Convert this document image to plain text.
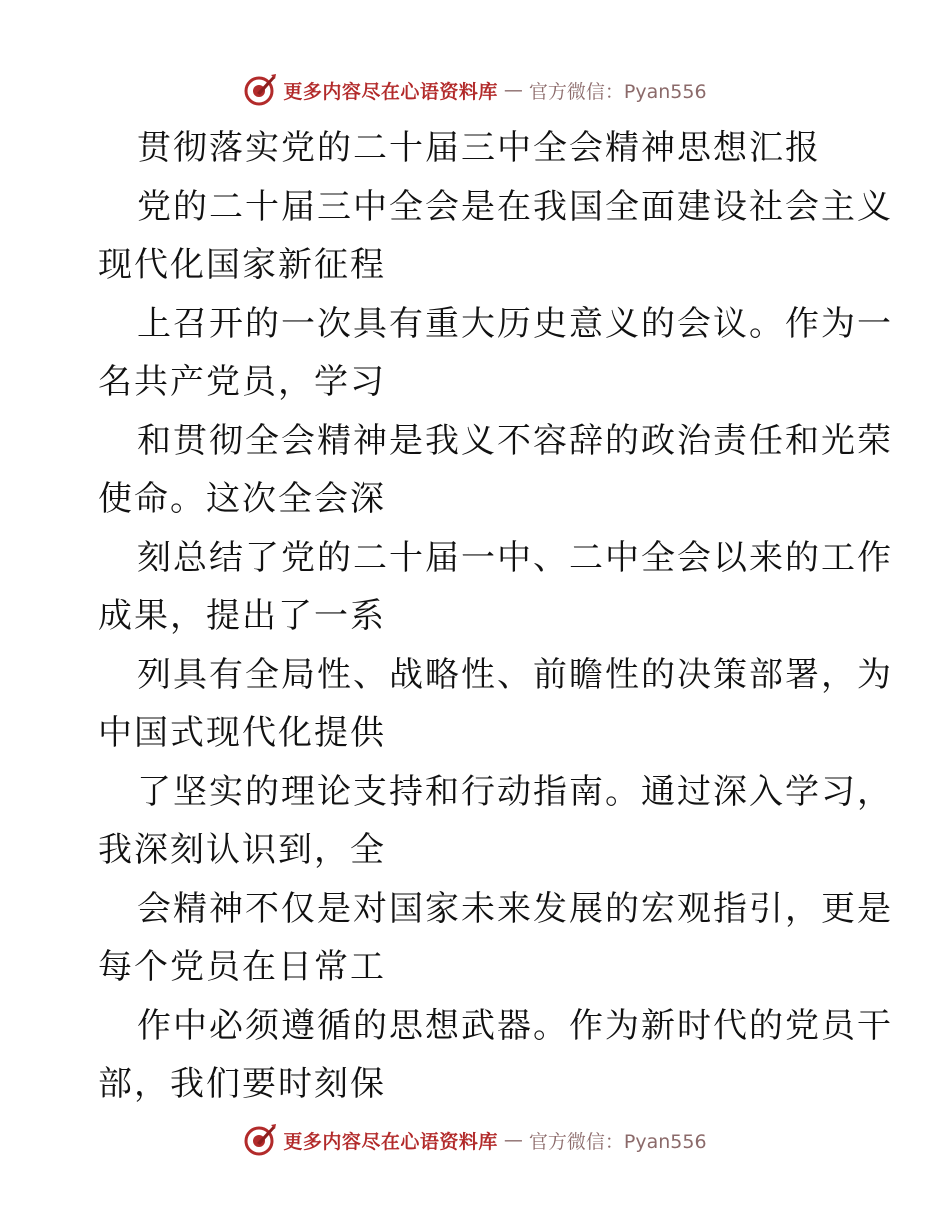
更多内容尽在心语资料库 — 官方微信：Pyan556
贯彻落实党的二十届三中全会精神思想汇报
党的二十届三中全会是在我国全面建设社会主义
现代化国家新征程
上召开的一次具有重大历史意义的会议。作为一
名共产党员，学习
和贯彻全会精神是我义不容辞的政治责任和光荣
使命。这次全会深
刻总结了党的二十届一中、二中全会以来的工作
成果，提出了一系
列具有全局性、战略性、前瞻性的决策部署，为
中国式现代化提供
了坚实的理论支持和行动指南。通过深入学习，
我深刻认识到，全
会精神不仅是对国家未来发展的宏观指引，更是
每个党员在日常工
作中必须遵循的思想武器。作为新时代的党员干
部，我们要时刻保
更多内容尽在心语资料库 — 官方微信：Pyan556
